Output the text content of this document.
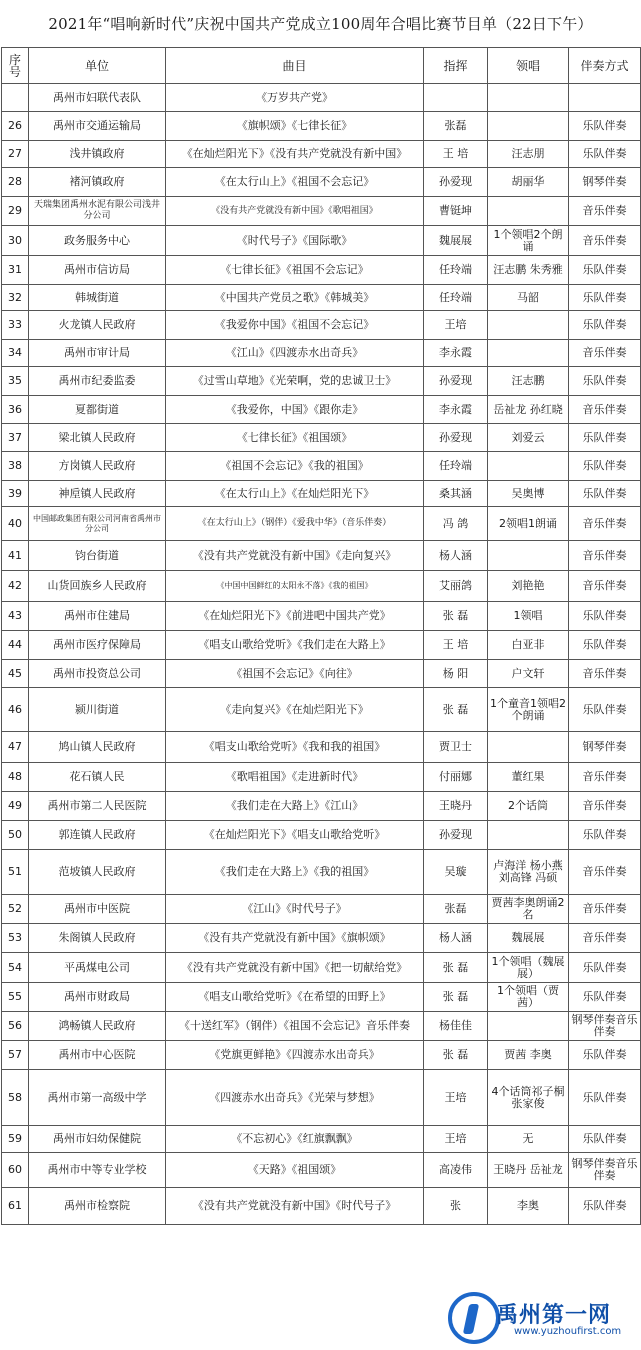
2021年“唱响新时代”庆祝中国共产党成立100周年合唱比赛节目单（22日下午）
序号	单位	曲目	指挥	领唱	伴奏方式
	禹州市妇联代表队	《万岁共产党》			
26	禹州市交通运输局	《旗帜颂》《七律长征》	张磊		乐队伴奏
27	浅井镇政府	《在灿烂阳光下》《没有共产党就没有新中国》	王 培	汪志朋	乐队伴奏
28	褚河镇政府	《在太行山上》《祖国不会忘记》	孙爱现	胡丽华	钢琴伴奏
29	天瑞集团禹州水泥有限公司浅井分公司	《没有共产党就没有新中国》《歌唱祖国》	曹铤坤		音乐伴奏
30	政务服务中心	《时代号子》《国际歌》	魏展展	1个领唱2个朗诵	音乐伴奏
31	禹州市信访局	《七律长征》《祖国不会忘记》	任玲端	汪志鹏 朱秀雅	乐队伴奏
32	韩城街道	《中国共产党员之歌》《韩城美》	任玲端	马韶	乐队伴奏
33	火龙镇人民政府	《我爱你中国》《祖国不会忘记》	王培		乐队伴奏
34	禹州市审计局	《江山》《四渡赤水出奇兵》	李永霞		音乐伴奏
35	禹州市纪委监委	《过雪山草地》《光荣啊，党的忠诚卫士》	孙爱现	汪志鹏	乐队伴奏
36	夏都街道	《我爱你，中国》《跟你走》	李永霞	岳祉龙 孙红晓	音乐伴奏
37	梁北镇人民政府	《七律长征》《祖国颂》	孙爱现	刘爱云	乐队伴奏
38	方岗镇人民政府	《祖国不会忘记》《我的祖国》	任玲端		乐队伴奏
39	神垕镇人民政府	《在太行山上》《在灿烂阳光下》	桑其涵	吴奥博	乐队伴奏
40	中国邮政集团有限公司河南省禹州市分公司	《在太行山上》（钢伴）《爱我中华》（音乐伴奏）	冯 鸽	2领唱1朗诵	音乐伴奏
41	钧台街道	《没有共产党就没有新中国》《走向复兴》	杨人涵		音乐伴奏
42	山货回族乡人民政府	《中国中国鲜红的太阳永不落》《我的祖国》	艾丽鸽	刘艳艳	音乐伴奏
43	禹州市住建局	《在灿烂阳光下》《前进吧中国共产党》	张 磊	1领唱	乐队伴奏
44	禹州市医疗保障局	《唱支山歌给党听》《我们走在大路上》	王 培	白亚非	乐队伴奏
45	禹州市投资总公司	《祖国不会忘记》《向往》	杨 阳	户文轩	音乐伴奏
46	颍川街道	《走向复兴》《在灿烂阳光下》	张 磊	1个童音1领唱2个朗诵	乐队伴奏
47	鸠山镇人民政府	《唱支山歌给党听》《我和我的祖国》	贾卫士		钢琴伴奏
48	花石镇人民	《歌唱祖国》《走进新时代》	付丽娜	董红果	音乐伴奏
49	禹州市第二人民医院	《我们走在大路上》《江山》	王晓丹	2个话筒	音乐伴奏
50	郭连镇人民政府	《在灿烂阳光下》《唱支山歌给党听》	孙爱现		乐队伴奏
51	范坡镇人民政府	《我们走在大路上》《我的祖国》	吴璇	卢海洋 杨小燕 刘高锋 冯硕	音乐伴奏
52	禹州市中医院	《江山》《时代号子》	张磊	贾茜李奥朗诵2名	音乐伴奏
53	朱阁镇人民政府	《没有共产党就没有新中国》《旗帜颂》	杨人涵	魏展展	音乐伴奏
54	平禹煤电公司	《没有共产党就没有新中国》《把一切献给党》	张 磊	1个领唱（魏展展）	乐队伴奏
55	禹州市财政局	《唱支山歌给党听》《在希望的田野上》	张 磊	1个领唱（贾茜）	乐队伴奏
56	鸿畅镇人民政府	《十送红军》（钢伴）《祖国不会忘记》音乐伴奏	杨佳佳		钢琴伴奏音乐伴奏
57	禹州市中心医院	《党旗更鲜艳》《四渡赤水出奇兵》	张 磊	贾茜 李奥	乐队伴奏
58	禹州市第一高级中学	《四渡赤水出奇兵》《光荣与梦想》	王培	4个话筒祁子桐 张家俊	乐队伴奏
59	禹州市妇幼保健院	《不忘初心》《红旗飘飘》	王培	无	乐队伴奏
60	禹州市中等专业学校	《天路》《祖国颂》	高凌伟	王晓丹 岳祉龙	钢琴伴奏音乐伴奏
61	禹州市检察院	《没有共产党就没有新中国》《时代号子》	张	李奥	乐队伴奏
禹州第一网
www.yuzhoufirst.com
